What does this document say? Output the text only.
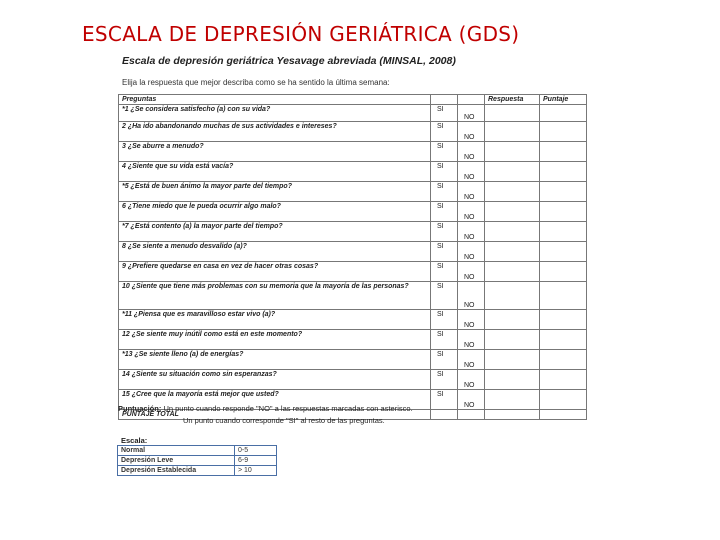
ESCALA DE DEPRESIÓN GERIÁTRICA (GDS)
Escala de depresión geriátrica Yesavage abreviada (MINSAL, 2008)
Elija la respuesta que mejor describa como se ha sentido la última semana:
Preguntas			Respuesta	Puntaje
*1 ¿Se considera satisfecho (a) con su vida?	SI	NO		

2 ¿Ha ido abandonando muchas de sus actividades e intereses?	SI	NO		

3 ¿Se aburre a menudo?	SI	NO		

4 ¿Siente que su vida está vacía?	SI	NO		

*5 ¿Está de buen ánimo la mayor parte del tiempo?	SI	NO		

6 ¿Tiene miedo que le pueda ocurrir algo malo?	SI	NO		

*7 ¿Está contento (a) la mayor parte del tiempo?	SI	NO		

8 ¿Se siente a menudo desvalido (a)?	SI	NO		

9 ¿Prefiere quedarse en casa en vez de hacer otras cosas?	SI	NO		

10 ¿Siente que tiene más problemas con su memoria que la mayoría de las personas?	SI	NO		

*11 ¿Piensa que es maravilloso estar vivo (a)?	SI	NO		

12 ¿Se siente muy inútil como está en este momento?	SI	NO		

*13 ¿Se siente lleno (a) de energías?	SI	NO		

14 ¿Siente su situación como sin esperanzas?	SI	NO		

15 ¿Cree que la mayoría está mejor que usted?	SI	NO		

PUNTAJE TOTAL				
Puntuación: Un punto cuando responde "NO" a las respuestas marcadas con asterisco.
Un punto cuando corresponde "SI" al resto de las preguntas.
Escala:
Normal	0-5
Depresión Leve	6-9
Depresión Establecida	> 10
